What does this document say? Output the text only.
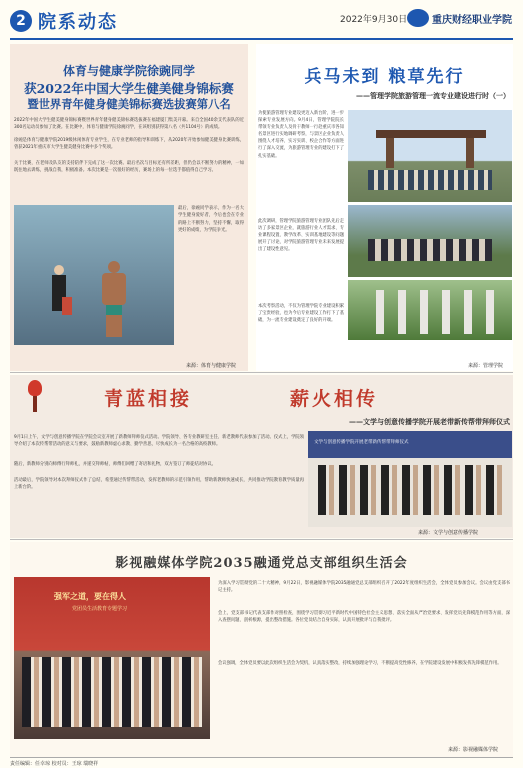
2 院系动态	2022年9月30日 重庆财经职业学院
体育与健康学院徐豌同学
获2022年中国大学生健美健身锦标赛
暨世界青年健身健美锦标赛选拔赛第八名
2022年中国大学生健美健身锦标赛暨世界青年健身健美锦标赛选拔赛在福建厦门集美开幕。来自全国40余支代表队的近300名运动员参加了比赛。在比赛中，体育与健康学院徐豌同学，在该组别获得第八名（共1104号）的成绩。
徐豌是体育与健康学院2019级休闲体育专业学生，在专业老师的指导和训练下，从2020年开始参加健美健身比赛训练，曾获2021年重庆市大学生健美健身比赛中多个奖项。
关于比赛，在老师及队友的支持陪伴下完成了这一次比赛。最后名次与目标还有所差距，但仍会以不断努力的精神，一如既往地去训练，挑战自我，积极准备。本次比赛是一次很好的经历，赛场上的每一位选手都值得自己学习。
最后，徐豌同学表示，作为一名大学生健身爱好者，今后也会在专业的路上不断努力，坚持不懈，取得更好的成绩，为学院争光。
来源：体育与健康学院
兵马未到 粮草先行
——管理学院旅游管理一流专业建设进行时（一）
为使旅游管理专业建设更迈入新台阶，进一步探索专业发展方向。9月4日，管理学院院长带领专业负责人及骨干教师一行赴重庆市各知名景区进行实地调研考察，与景区企业负责人围绕人才培养、实习实训、校企合作等方面进行了深入交流，为旅游管理专业的建设打下了扎实基础。
此次调研，管理学院旅游管理专业团队先后走访了多家景区企业，就旅游行业人才需求、专业课程设置、教学改革、实训基地建设等问题展开了讨论，对学院旅游管理专业未来发展提出了建设性意见。
本次考察活动，不仅为管理学院专业建设积累了宝贵经验，也为今后专业建设工作打下了基础，为一流专业建设奠定了良好的开端。
来源：管理学院
青蓝相接	薪火相传
——文学与创意传播学院开展老带新传帮带拜师仪式
9月1日上午，文学与创意传播学院在学院会议室开展了新教师拜师仪式活动。学院领导、各专业教研室主任、新老教师代表参加了活动。仪式上，学院领导介绍了本次传帮带活动的意义与要求，鼓励新教师虚心求教、勤学善思，尽快成长为一名合格的高校教师。
随后，新教师分别向师傅行拜师礼，并递交拜师帖，师傅们回赠了寄语和礼物，双方签订了师徒结对协议。
活动最后，学院领导对本次拜师仪式作了总结，希望通过传帮带活动，发挥老教师的示范引领作用，帮助新教师快速成长，共同推动学院教育教学质量再上新台阶。
文学与创意传播学院开展老带新传帮带拜师仪式
来源：文学与创意传播学院
影视融媒体学院2035融通党总支部组织生活会
强军之道，要在得人
党团员生活教育专题学习
为深入学习贯彻党的二十大精神，9月22日，影视融媒体学院2035融通党总支部组织召开了2022年度组织生活会，全体党员参加会议。会议由党支部书记主持。
会上，党支部书记代表支部作对照检查，围绕学习贯彻习近平新时代中国特色社会主义思想、落实全面从严治党要求、发挥党员先锋模范作用等方面，深入查摆问题、剖析根源，提出整改措施。各位党员结合自身实际，认真开展批评与自我批评。
会议强调，全体党员要以此次组织生活会为契机，认真落实整改，持续加强理论学习，不断提高党性修养，在学院建设发展中积极发挥先锋模范作用。
来源：影视融媒体学院
责任编辑：任幸琼 校对员：王琼 瑞晓祥
